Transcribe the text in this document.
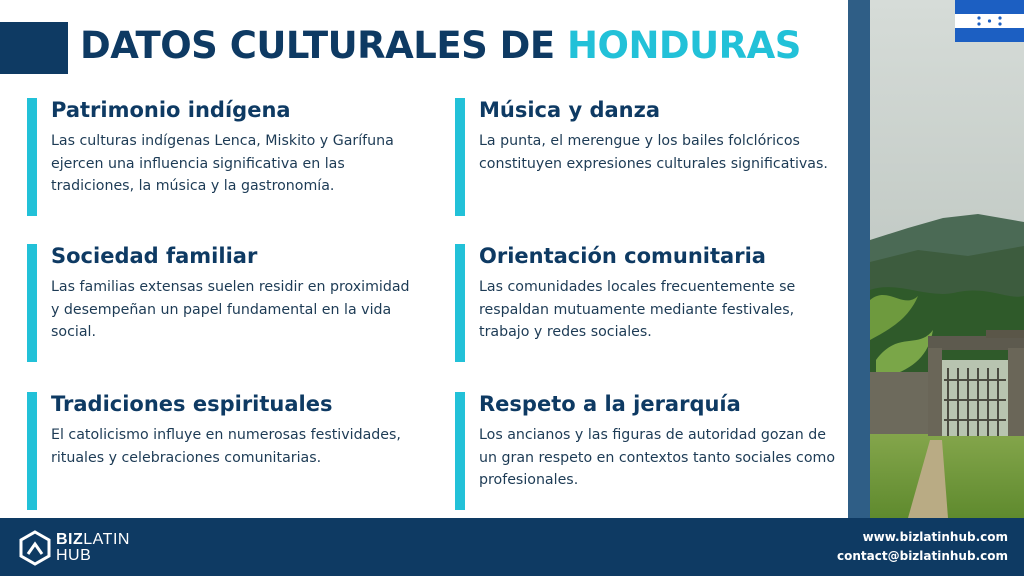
DATOS CULTURALES DE HONDURAS
Patrimonio indígena

Las culturas indígenas Lenca, Miskito y Garífuna ejercen una influencia significativa en las tradiciones, la música y la gastronomía.

Música y danza

La punta, el merengue y los bailes folclóricos constituyen expresiones culturales significativas.

Sociedad familiar

Las familias extensas suelen residir en proximidad y desempeñan un papel fundamental en la vida social.

Orientación comunitaria

Las comunidades locales frecuentemente se respaldan mutuamente mediante festivales, trabajo y redes sociales.

Tradiciones espirituales

El catolicismo influye en numerosas festividades, rituales y celebraciones comunitarias.

Respeto a la jerarquía

Los ancianos y las figuras de autoridad gozan de un gran respeto en contextos tanto sociales como profesionales.

BIZLATIN
HUB
www.bizlatinhub.com
contact@bizlatinhub.com
